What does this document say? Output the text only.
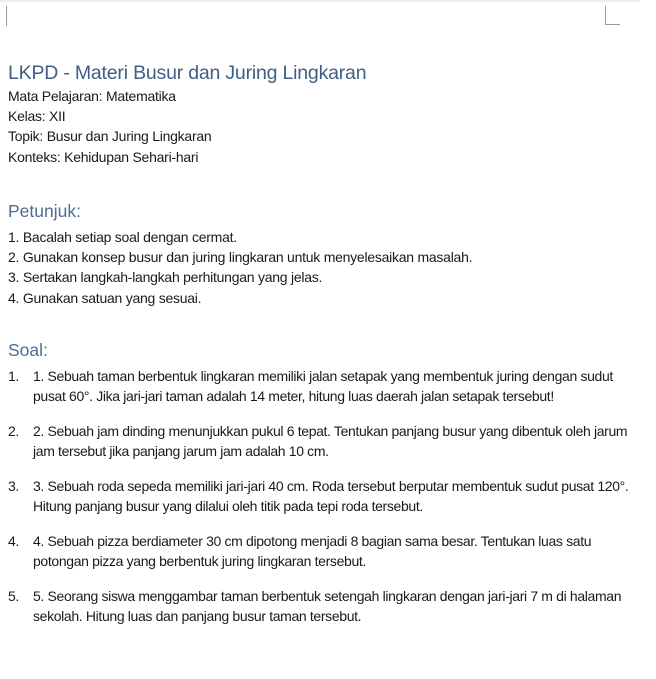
LKPD - Materi Busur dan Juring Lingkaran
Mata Pelajaran: Matematika
Kelas: XII
Topik: Busur dan Juring Lingkaran
Konteks: Kehidupan Sehari-hari
Petunjuk:
1. Bacalah setiap soal dengan cermat.
2. Gunakan konsep busur dan juring lingkaran untuk menyelesaikan masalah.
3. Sertakan langkah-langkah perhitungan yang jelas.
4. Gunakan satuan yang sesuai.
Soal:
1.	1. Sebuah taman berbentuk lingkaran memiliki jalan setapak yang membentuk juring dengan sudut pusat 60°. Jika jari-jari taman adalah 14 meter, hitung luas daerah jalan setapak tersebut!
2.	2. Sebuah jam dinding menunjukkan pukul 6 tepat. Tentukan panjang busur yang dibentuk oleh jarum jam tersebut jika panjang jarum jam adalah 10 cm.
3.	3. Sebuah roda sepeda memiliki jari-jari 40 cm. Roda tersebut berputar membentuk sudut pusat 120°. Hitung panjang busur yang dilalui oleh titik pada tepi roda tersebut.
4.	4. Sebuah pizza berdiameter 30 cm dipotong menjadi 8 bagian sama besar. Tentukan luas satu potongan pizza yang berbentuk juring lingkaran tersebut.
5.	5. Seorang siswa menggambar taman berbentuk setengah lingkaran dengan jari-jari 7 m di halaman sekolah. Hitung luas dan panjang busur taman tersebut.
